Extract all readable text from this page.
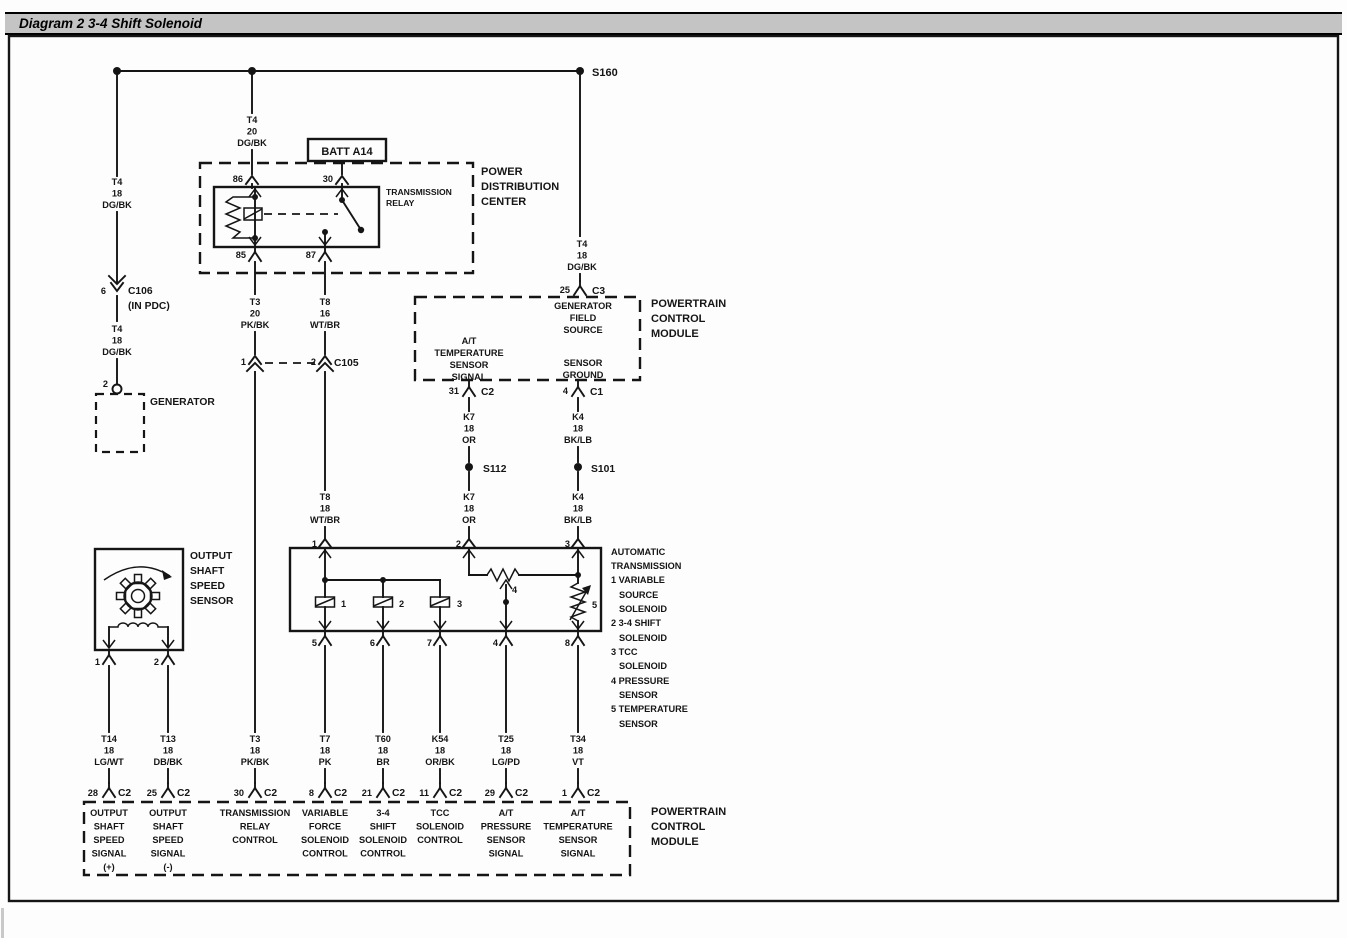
Diagram 2 3-4 Shift Solenoid
S160
T4
18
DG/BK
6 C106
(IN PDC)
T4
18
DG/BK
2
GENERATOR
T4
20
DG/BK
BATT A14
POWER
DISTRIBUTION
CENTER
86	30
TRANSMISSION
RELAY
85	87
T3
20
PK/BK
T8
16
WT/BR
1	2 C105
T8
18
WT/BR
T4
18
DG/BK
25 C3
GENERATOR
FIELD
SOURCE
A/T
TEMPERATURE
SENSOR
SIGNAL
SENSOR
GROUND
POWERTRAIN
CONTROL
MODULE
31 C2	4 C1
K7
18
OR
K4
18
BK/LB
S112	S101
K7
18
OR
K4
18
BK/LB
1	2	3
1	2	3
4
5
5	6	7	4	8
AUTOMATIC
TRANSMISSION
1 VARIABLE
SOURCE
SOLENOID
2 3-4 SHIFT
SOLENOID
3 TCC
SOLENOID
4 PRESSURE
SENSOR
5 TEMPERATURE
SENSOR
OUTPUT
SHAFT
SPEED
SENSOR
1	2
T14
18
LG/WT
T13
18
DB/BK
T3
18
PK/BK
T7
18
PK
T60
18
BR
K54
18
OR/BK
T25
18
LG/PD
T34
18
VT
28 C2 25 C2	30 C2	8 C2 21 C2 11 C2 29 C2	1 C2
OUTPUT
SHAFT
SPEED
SIGNAL
(+)
OUTPUT
SHAFT
SPEED
SIGNAL
(-)
TRANSMISSION
RELAY
CONTROL
VARIABLE
FORCE
SOLENOID
CONTROL
3-4
SHIFT
SOLENOID
CONTROL
TCC
SOLENOID
CONTROL
A/T
PRESSURE
SENSOR
SIGNAL
A/T
TEMPERATURE
SENSOR
SIGNAL
POWERTRAIN
CONTROL
MODULE
